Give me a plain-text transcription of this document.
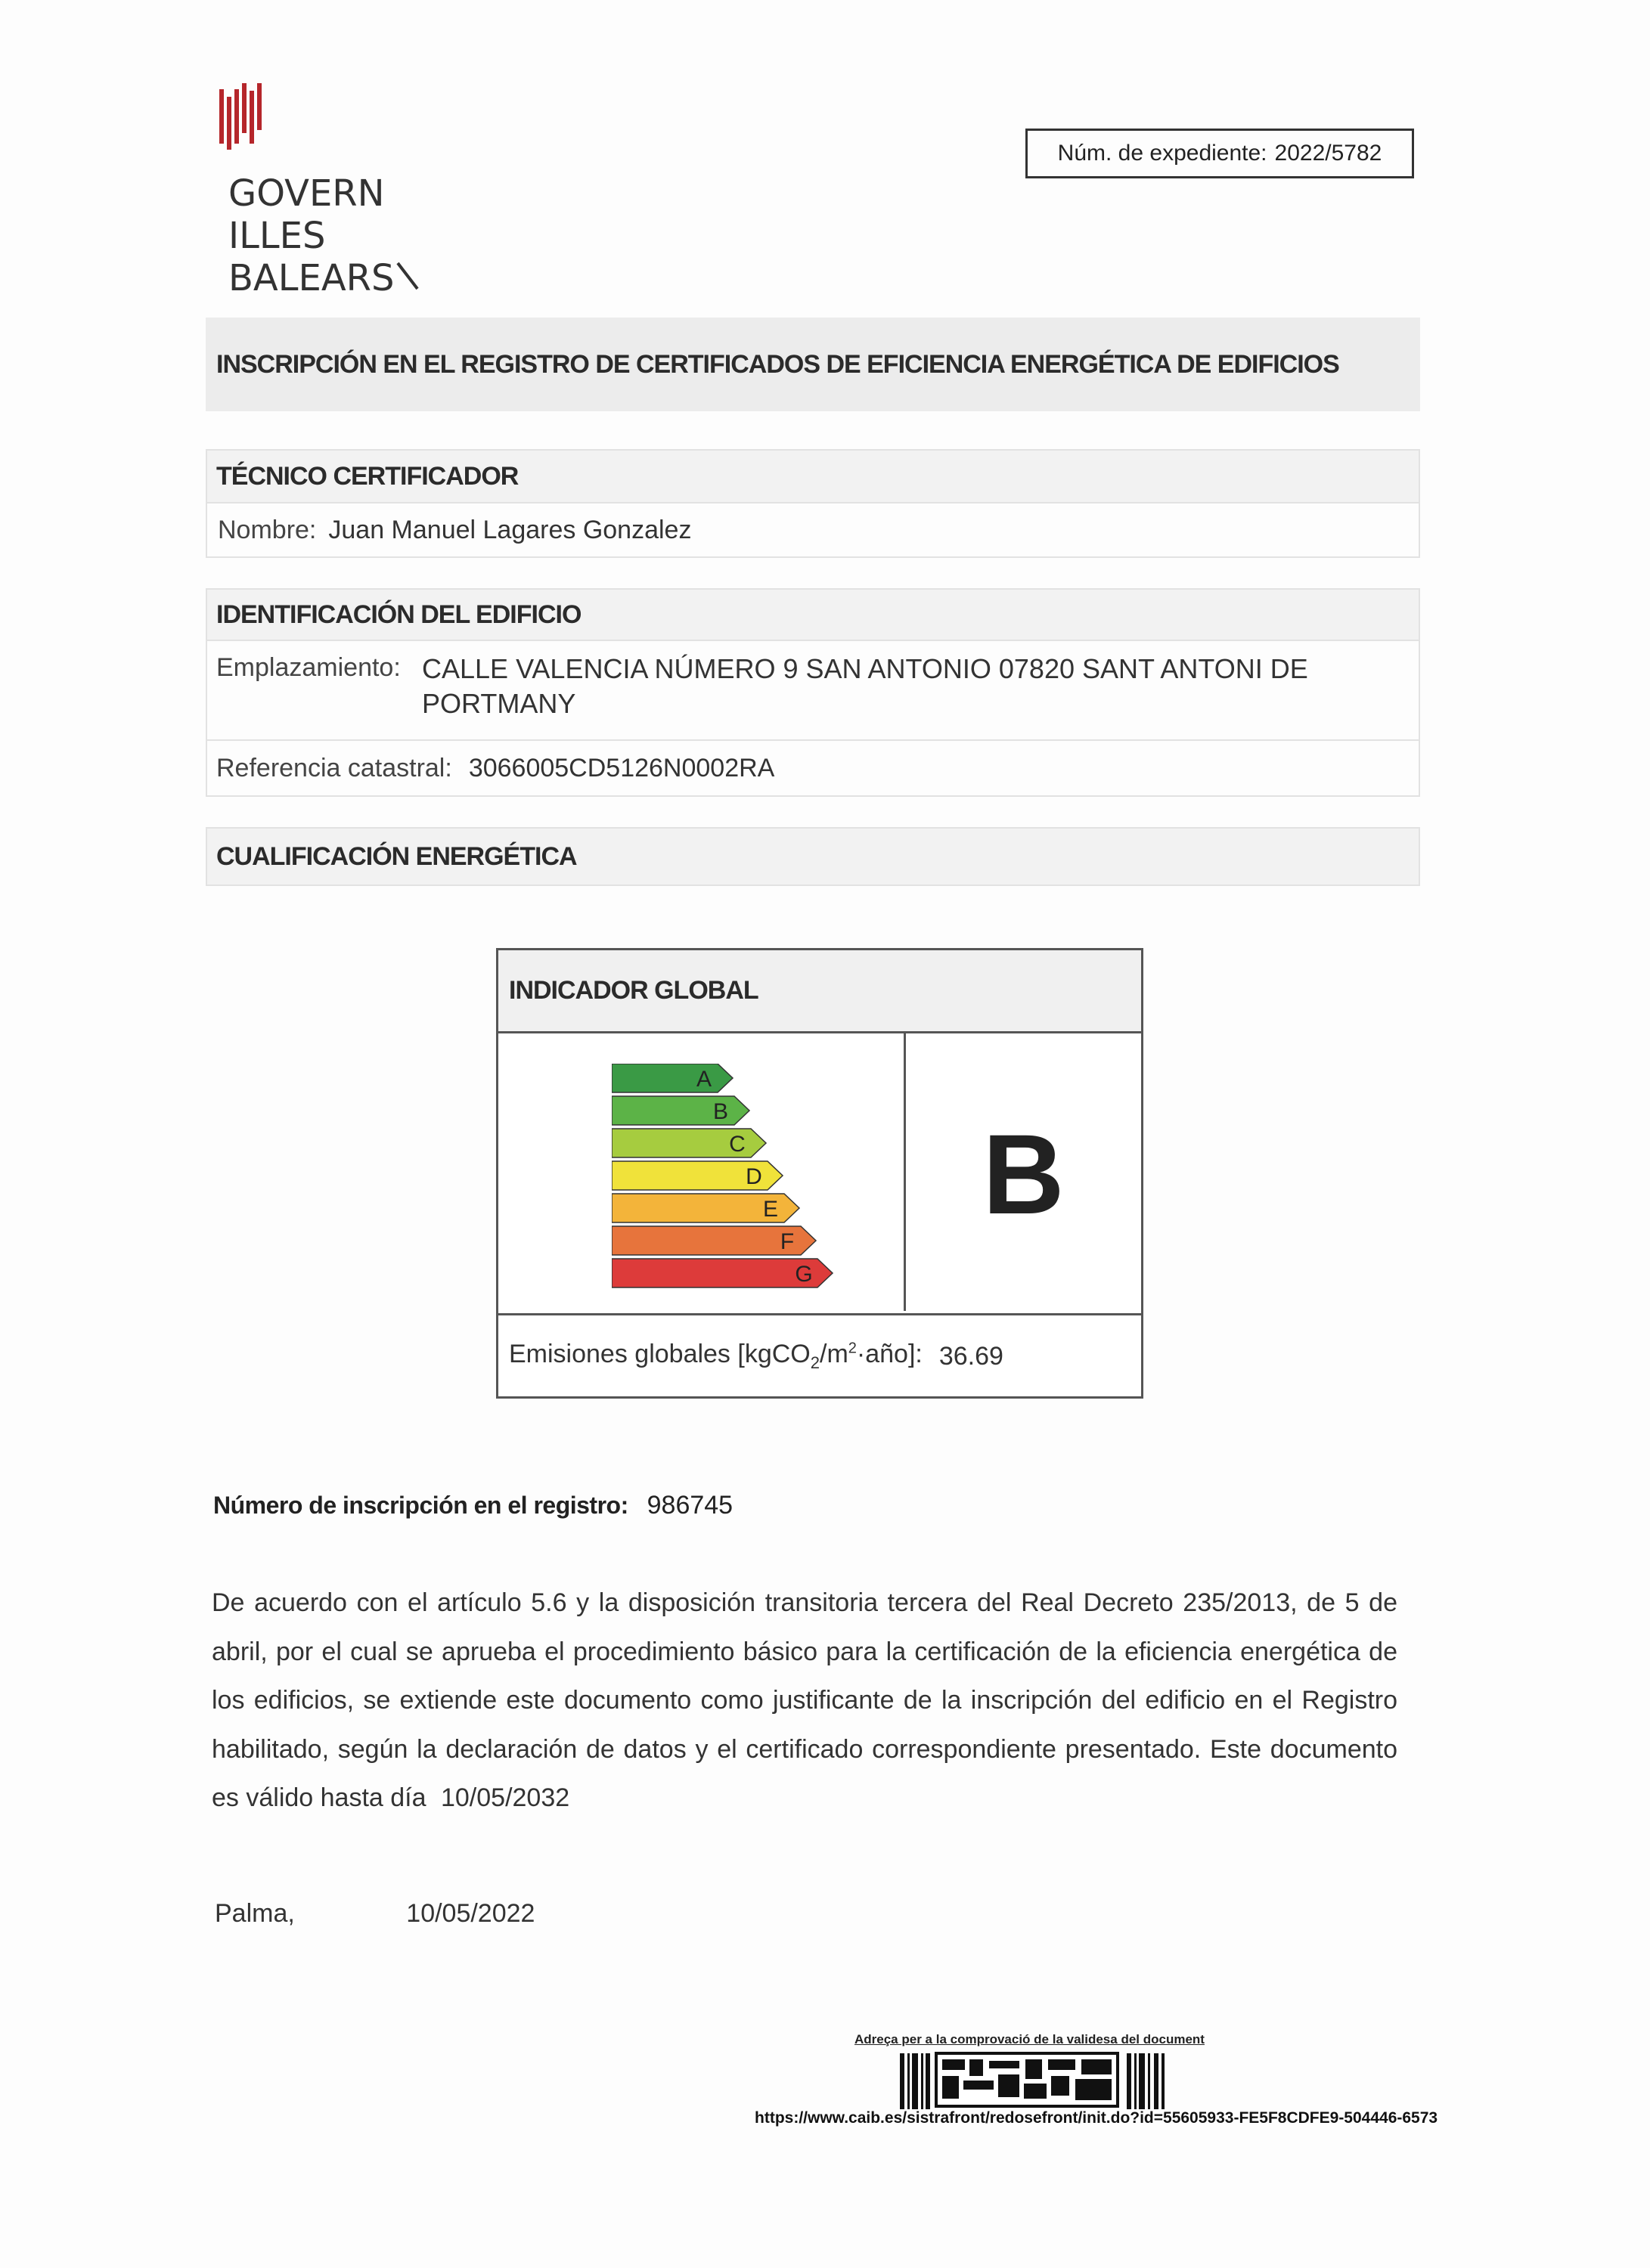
GOVERN
ILLES
BALEARS
Núm. de expediente: 2022/5782
INSCRIPCIÓN EN EL REGISTRO DE CERTIFICADOS DE EFICIENCIA ENERGÉTICA DE EDIFICIOS
TÉCNICO CERTIFICADOR
Nombre: Juan Manuel Lagares Gonzalez
IDENTIFICACIÓN DEL EDIFICIO
Emplazamiento: CALLE VALENCIA NÚMERO 9 SAN ANTONIO 07820 SANT ANTONI DE
PORTMANY
Referencia catastral: 3066005CD5126N0002RA
CUALIFICACIÓN ENERGÉTICA
INDICADOR GLOBAL
A
B
C
D
E
F
G
B
Emisiones globales $[kgCO_2/m^2\cdot año]$: 36.69
Número de inscripción en el registro: 986745
De acuerdo con el artículo 5.6 y la disposición transitoria tercera del Real Decreto 235/2013, de 5 de abril, por el cual se aprueba el procedimiento básico para la certificación de la eficiencia energética de los edificios, se extiende este documento como justificante de la inscripción del edificio en el Registro habilitado, según la declaración de datos y el certificado correspondiente presentado. Este documento es válido hasta día 10/05/2032
Palma,	10/05/2022
Adreça per a la comprovació de la validesa del document
https://www.caib.es/sistrafront/redosefront/init.do?id=55605933-FE5F8CDFE9-504446-6573
